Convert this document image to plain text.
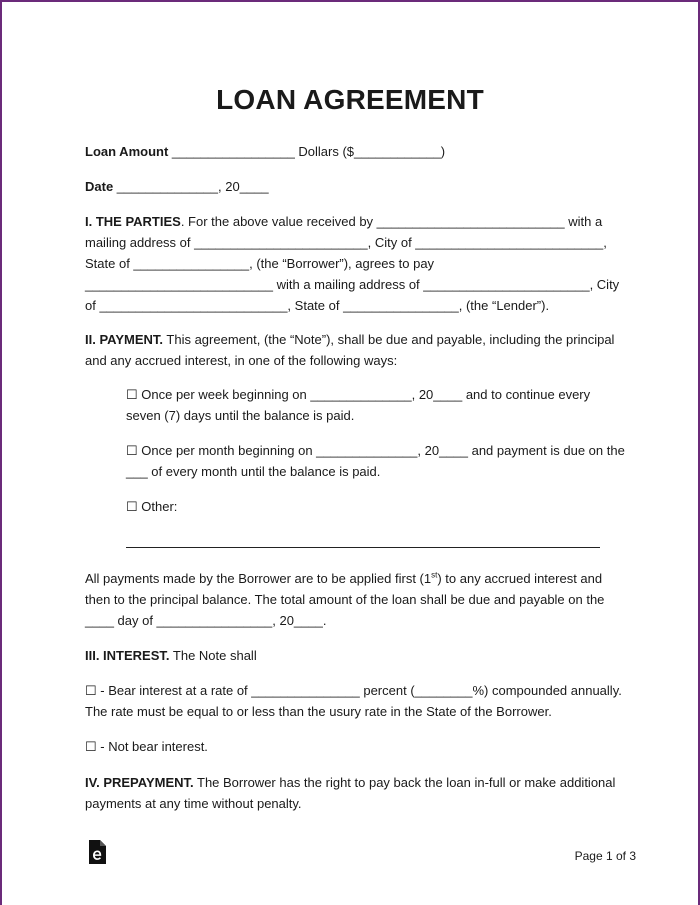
LOAN AGREEMENT

Loan Amount _________________ Dollars ($____________)

Date ______________, 20____

I. THE PARTIES. For the above value received by __________________________ with a mailing address of ________________________, City of __________________________, State of ________________, (the “Borrower”), agrees to pay __________________________ with a mailing address of _______________________, City of __________________________, State of ________________, (the “Lender”).

II. PAYMENT. This agreement, (the “Note”), shall be due and payable, including the principal and any accrued interest, in one of the following ways:

☐ Once per week beginning on ______________, 20____ and to continue every seven (7) days until the balance is paid.

☐ Once per month beginning on ______________, 20____ and payment is due on the ___ of every month until the balance is paid.

☐ Other:

All payments made by the Borrower are to be applied first (1st) to any accrued interest and then to the principal balance. The total amount of the loan shall be due and payable on the ____ day of ________________, 20____.

III. INTEREST. The Note shall

☐ - Bear interest at a rate of _______________ percent (________%) compounded annually. The rate must be equal to or less than the usury rate in the State of the Borrower.

☐ - Not bear interest.

IV. PREPAYMENT. The Borrower has the right to pay back the loan in-full or make additional payments at any time without penalty.

Page 1 of 3
